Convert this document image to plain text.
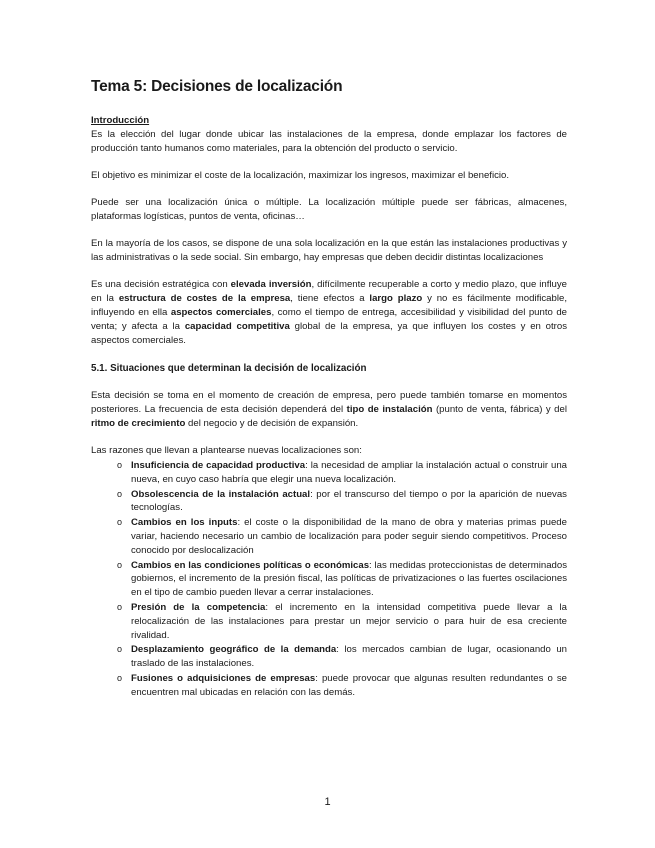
Tema 5: Decisiones de localización

Introducción

Es la elección del lugar donde ubicar las instalaciones de la empresa, donde emplazar los factores de producción tanto humanos como materiales, para la obtención del producto o servicio.

El objetivo es minimizar el coste de la localización, maximizar los ingresos, maximizar el beneficio.

Puede ser una localización única o múltiple. La localización múltiple puede ser fábricas, almacenes, plataformas logísticas, puntos de venta, oficinas…

En la mayoría de los casos, se dispone de una sola localización en la que están las instalaciones productivas y las administrativas o la sede social. Sin embargo, hay empresas que deben decidir distintas localizaciones

Es una decisión estratégica con elevada inversión, difícilmente recuperable a corto y medio plazo, que influye en la estructura de costes de la empresa, tiene efectos a largo plazo y no es fácilmente modificable, influyendo en ella aspectos comerciales, como el tiempo de entrega, accesibilidad y visibilidad del punto de venta; y afecta a la capacidad competitiva global de la empresa, ya que influyen los costes y en otros aspectos comerciales.

5.1. Situaciones que determinan la decisión de localización

Esta decisión se toma en el momento de creación de empresa, pero puede también tomarse en momentos posteriores. La frecuencia de esta decisión dependerá del tipo de instalación (punto de venta, fábrica) y del ritmo de crecimiento del negocio y de decisión de expansión.

Las razones que llevan a plantearse nuevas localizaciones son:

o Insuficiencia de capacidad productiva: la necesidad de ampliar la instalación actual o construir una nueva, en cuyo caso habría que elegir una nueva localización.
o Obsolescencia de la instalación actual: por el transcurso del tiempo o por la aparición de nuevas tecnologías.
o Cambios en los inputs: el coste o la disponibilidad de la mano de obra y materias primas puede variar, haciendo necesario un cambio de localización para poder seguir siendo competitivos. Proceso conocido por deslocalización
o Cambios en las condiciones políticas o económicas: las medidas proteccionistas de determinados gobiernos, el incremento de la presión fiscal, las políticas de privatizaciones o las fuertes oscilaciones en el tipo de cambio pueden llevar a cerrar instalaciones.
o Presión de la competencia: el incremento en la intensidad competitiva puede llevar a la relocalización de las instalaciones para prestar un mejor servicio o para huir de esa creciente rivalidad.
o Desplazamiento geográfico de la demanda: los mercados cambian de lugar, ocasionando un traslado de las instalaciones.
o Fusiones o adquisiciones de empresas: puede provocar que algunas resulten redundantes o se encuentren mal ubicadas en relación con las demás.
1
